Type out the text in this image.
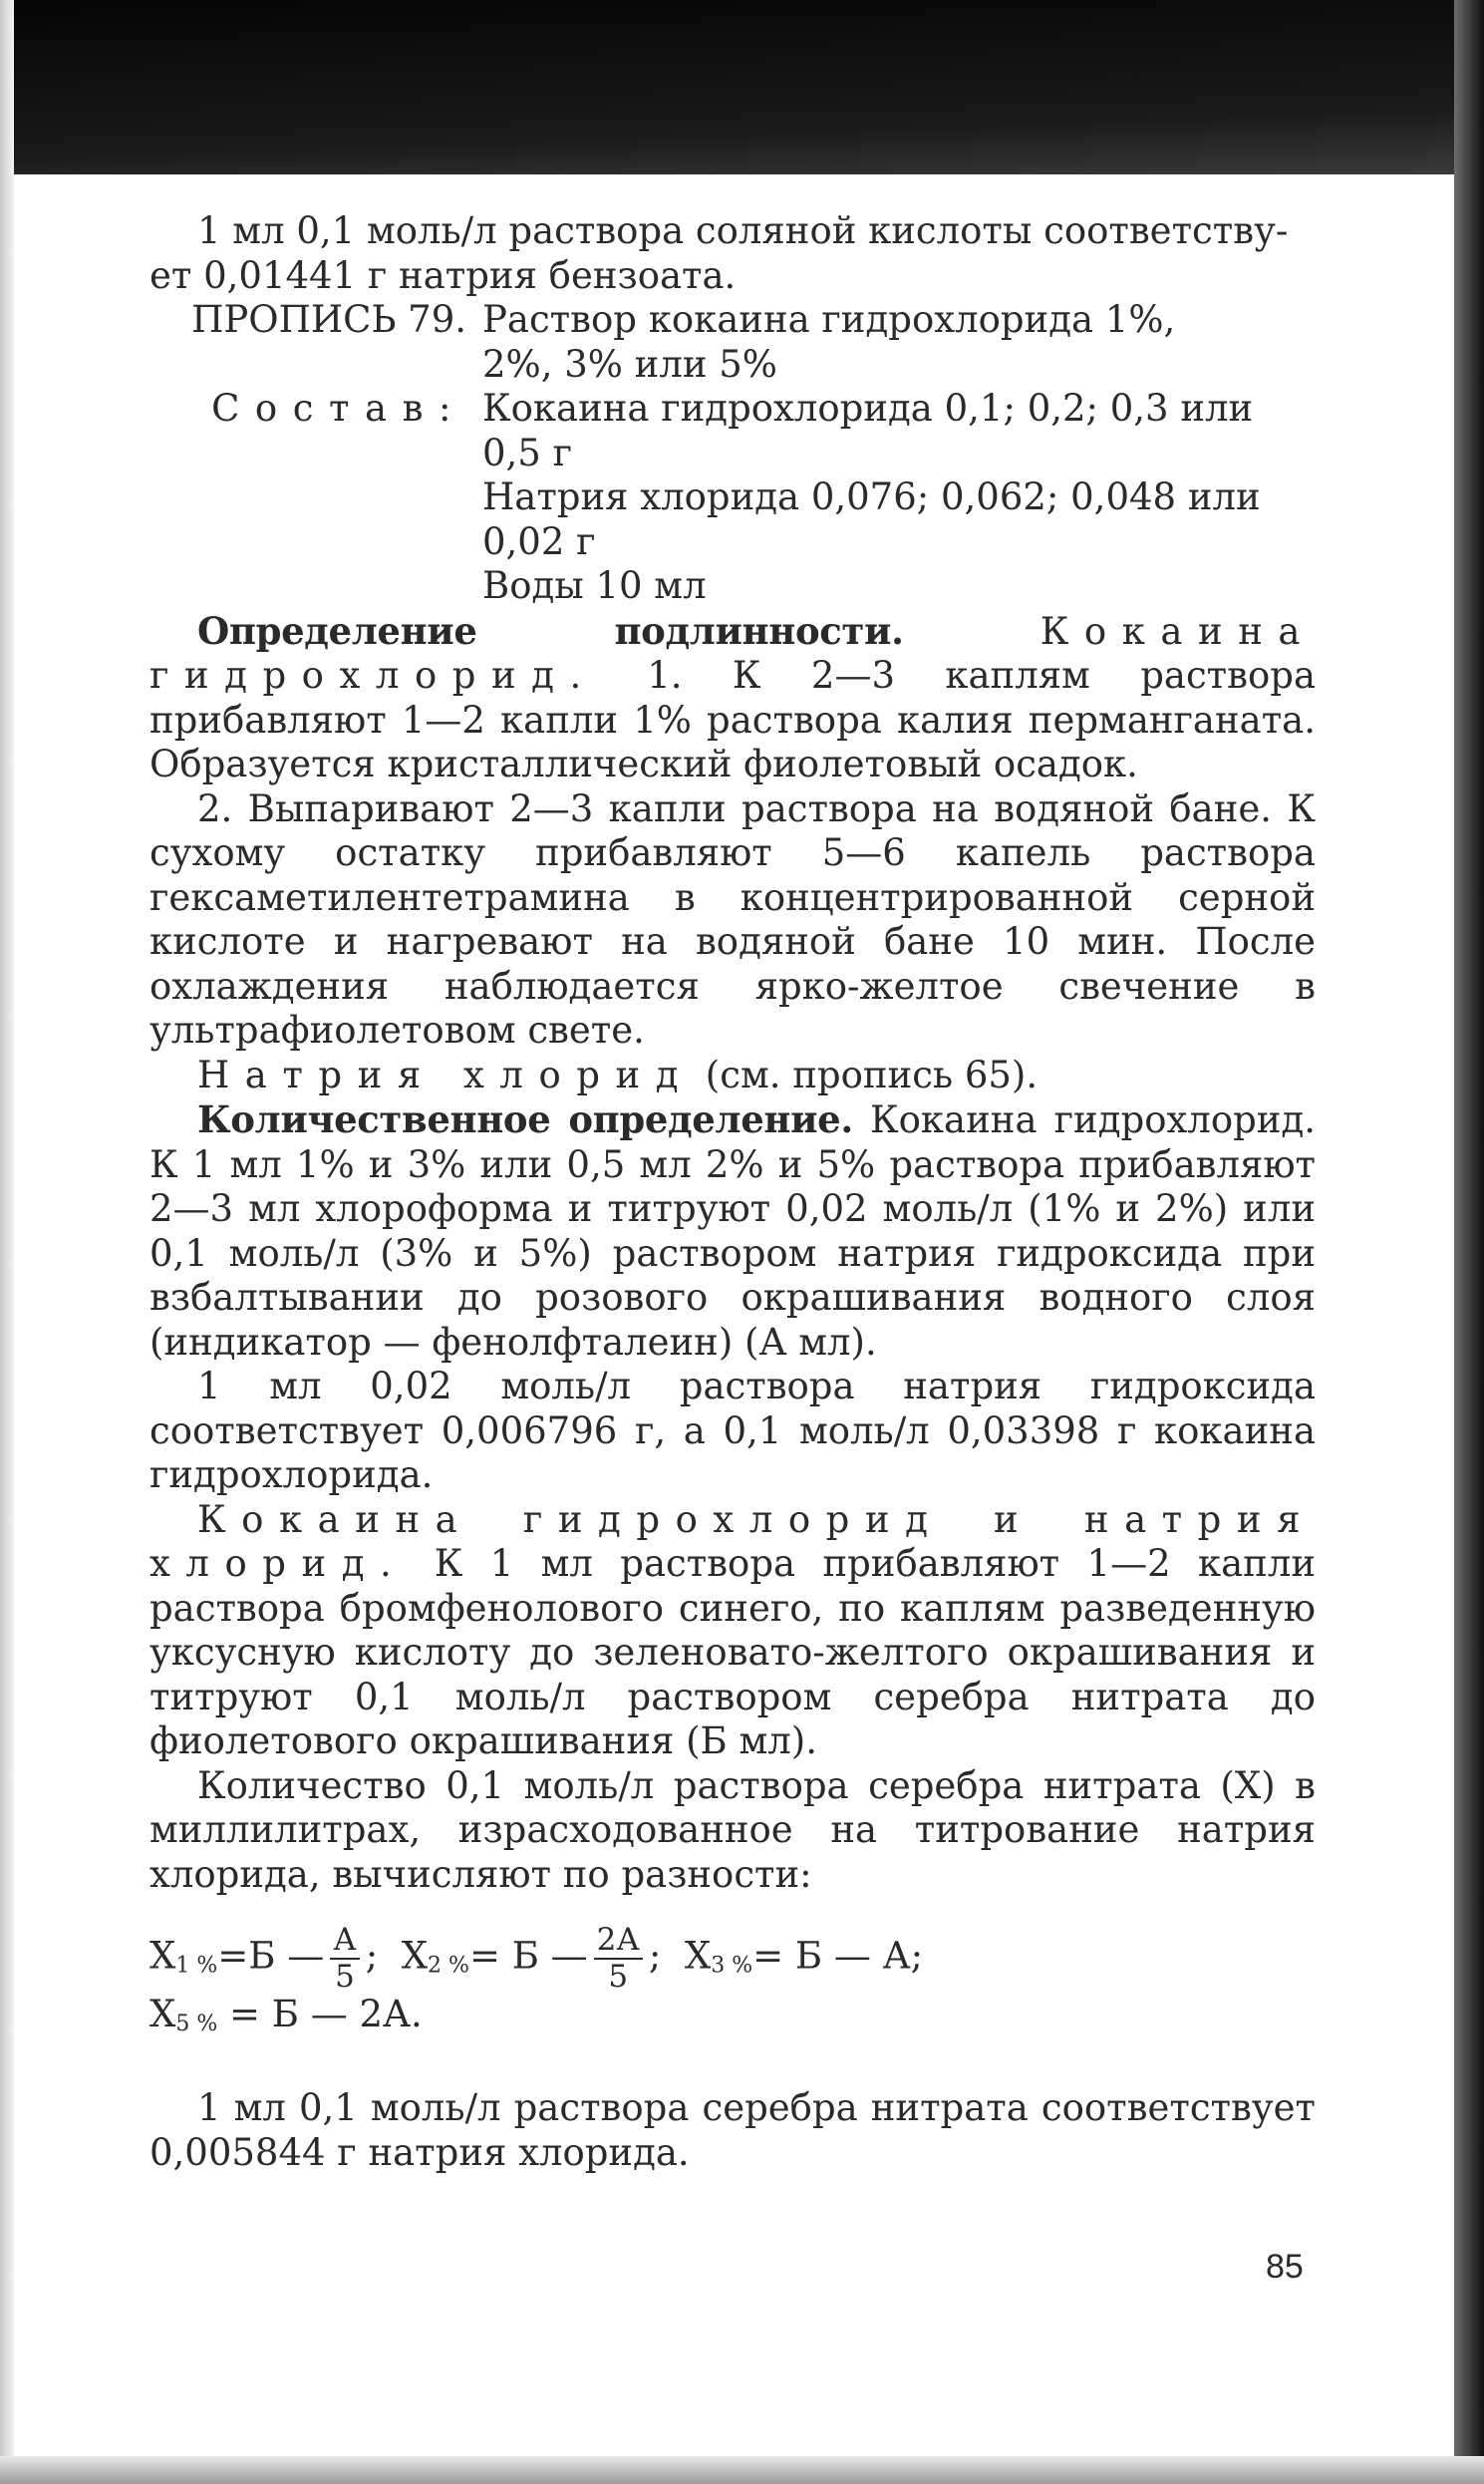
1 мл 0,1 моль/л раствора соляной кислоты соответству-

ет 0,01441 г натрия бензоата.

ПРОПИСЬ 79. Раствор кокаина гидрохлорида 1%,
2%, 3% или 5%
Состав: Кокаина гидрохлорида 0,1; 0,2; 0,3 или 0,5 г
Натрия хлорида 0,076; 0,062; 0,048 или 0,02 г
Воды 10 мл

Определение подлинности.	Кокаина гидрохлорид. 1. К 2—3 каплям раствора прибавляют 1—2 капли 1% раствора калия перманганата. Образуется кристаллический фиолетовый осадок.

2. Выпаривают 2—3 капли раствора на водяной бане. К сухому остатку прибавляют 5—6 капель раствора гексаметилентетрамина в концентрированной серной кислоте и нагревают на водяной бане 10 мин. После охлаждения наблюдается ярко-желтое свечение в ультрафиолетовом свете.

Натрия хлорид (см. пропись 65).

Количественное определение. Кокаина гидрохлорид. К 1 мл 1% и 3% или 0,5 мл 2% и 5% раствора прибавляют 2—3 мл хлороформа и титруют 0,02 моль/л (1% и 2%) или 0,1 моль/л (3% и 5%) раствором натрия гидроксида при взбалтывании до розового окрашивания водного слоя (индикатор — фенолфталеин) (А мл).

1 мл 0,02 моль/л раствора натрия гидроксида соответствует 0,006796 г, а 0,1 моль/л 0,03398 г кокаина гидрохлорида.

Кокаина гидрохлорид и натрия хлорид. К 1 мл раствора прибавляют 1—2 капли раствора бромфенолового синего, по каплям разведенную уксусную кислоту до зеленовато-желтого окрашивания и титруют 0,1 моль/л раствором серебра нитрата до фиолетового окрашивания (Б мл).

Количество 0,1 моль/л раствора серебра нитрата (Х) в миллилитрах, израсходованное на титрование натрия хлорида, вычисляют по разности:

Х1 %=Б — $\frac{А}{5}$ ;  Х2 %= Б — $\frac{2А}{5}$ ;  Х3 %= Б — А;
Х5 % = Б — 2А.

1 мл 0,1 моль/л раствора серебра нитрата соответствует 0,005844 г натрия хлорида.

85
